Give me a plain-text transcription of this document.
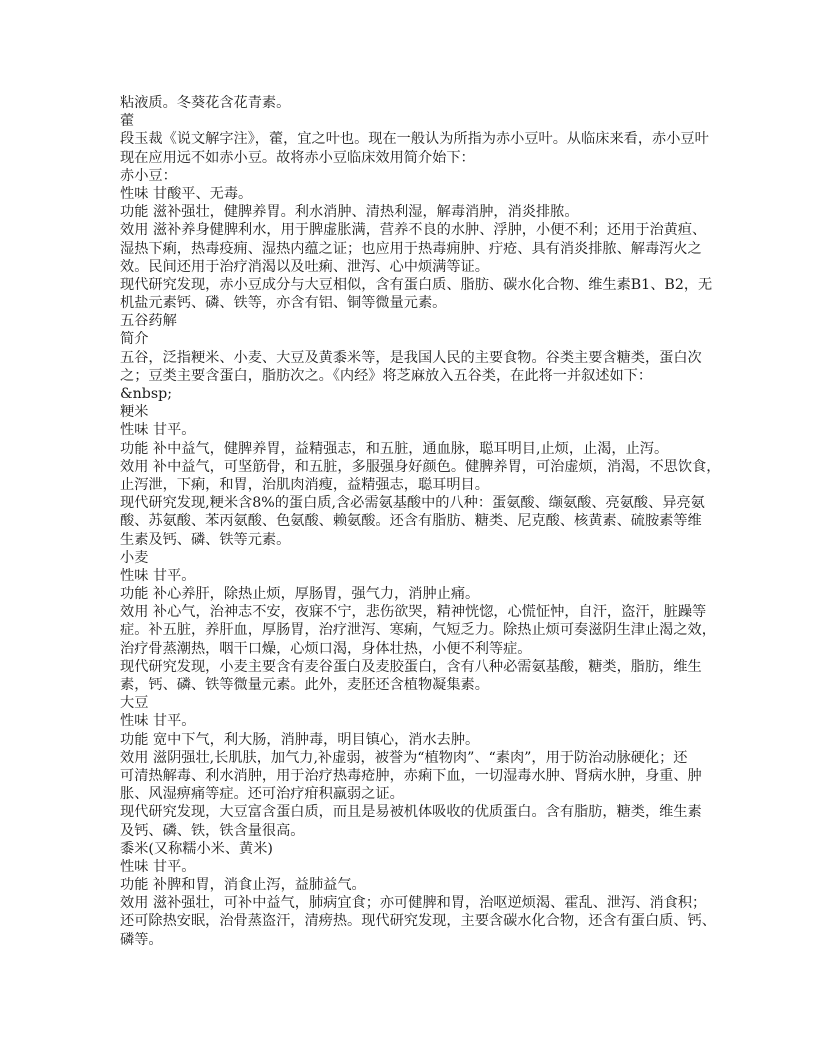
粘液质。冬葵花含花青素。
藿
段玉裁《说文解字注》，藿，宜之叶也。现在一般认为所指为赤小豆叶。从临床来看，赤小豆叶
现在应用远不如赤小豆。故将赤小豆临床效用简介始下：
赤小豆：
性味 甘酸平、无毒。
功能 滋补强壮，健脾养胃。利水消肿、清热利湿，解毒消肿，消炎排脓。
效用 滋补养身健脾利水，用于脾虚胀满，营养不良的水肿、浮肿，小便不利；还用于治黄疸、
湿热下痢，热毒疫痈、湿热内蕴之证；也应用于热毒痈肿、疔疮、具有消炎排脓、解毒泻火之
效。民间还用于治疗消渴以及吐痢、泄泻、心中烦满等证。
现代研究发现，赤小豆成分与大豆相似，含有蛋白质、脂肪、碳水化合物、维生素B1、B2，无
机盐元素钙、磷、铁等，亦含有铝、铜等微量元素。
五谷药解
简介
五谷，泛指粳米、小麦、大豆及黄黍米等，是我国人民的主要食物。谷类主要含糖类，蛋白次
之；豆类主要含蛋白，脂肪次之。《内经》将芝麻放入五谷类，在此将一并叙述如下：
&nbsp;
粳米
性味 甘平。
功能 补中益气，健脾养胃，益精强志，和五脏，通血脉，聪耳明目,止烦，止渴，止泻。
效用 补中益气，可坚筋骨，和五脏，多服强身好颜色。健脾养胃，可治虚烦，消渴，不思饮食，
止泻泄，下痢，和胃，治肌肉消瘦，益精强志，聪耳明目。
现代研究发现,粳米含8%的蛋白质,含必需氨基酸中的八种：蛋氨酸、缬氨酸、亮氨酸、异亮氨
酸、苏氨酸、苯丙氨酸、色氨酸、赖氨酸。还含有脂肪、糖类、尼克酸、核黄素、硫胺素等维
生素及钙、磷、铁等元素。
小麦
性味 甘平。
功能 补心养肝，除热止烦，厚肠胃，强气力，消肿止痛。
效用 补心气，治神志不安，夜寐不宁，悲伤欲哭，精神恍惚，心慌怔忡，自汗，盗汗，脏躁等
症。补五脏，养肝血，厚肠胃，治疗泄泻、寒痢，气短乏力。除热止烦可奏滋阴生津止渴之效，
治疗骨蒸潮热，咽干口燥，心烦口渴，身体壮热，小便不利等症。
现代研究发现，小麦主要含有麦谷蛋白及麦胶蛋白，含有八种必需氨基酸，糖类，脂肪，维生
素，钙、磷、铁等微量元素。此外，麦胚还含植物凝集素。
大豆
性味 甘平。
功能 宽中下气，利大肠，消肿毒，明目镇心，消水去肿。
效用 滋阴强壮,长肌肤，加气力,补虚弱，被誉为“植物肉”、“素肉”，用于防治动脉硬化；还
可清热解毒、利水消肿，用于治疗热毒疮肿，赤痢下血，一切湿毒水肿、肾病水肿，身重、肿
胀、风湿痹痛等症。还可治疗疳积羸弱之证。
现代研究发现，大豆富含蛋白质，而且是易被机体吸收的优质蛋白。含有脂肪，糖类，维生素
及钙、磷、铁，铁含量很高。
黍米(又称糯小米、黄米)
性味 甘平。
功能 补脾和胃，消食止泻，益肺益气。
效用 滋补强壮，可补中益气，肺病宜食；亦可健脾和胃，治呕逆烦渴、霍乱、泄泻、消食积；
还可除热安眠，治骨蒸盗汗，清痨热。现代研究发现，主要含碳水化合物，还含有蛋白质、钙、
磷等。
